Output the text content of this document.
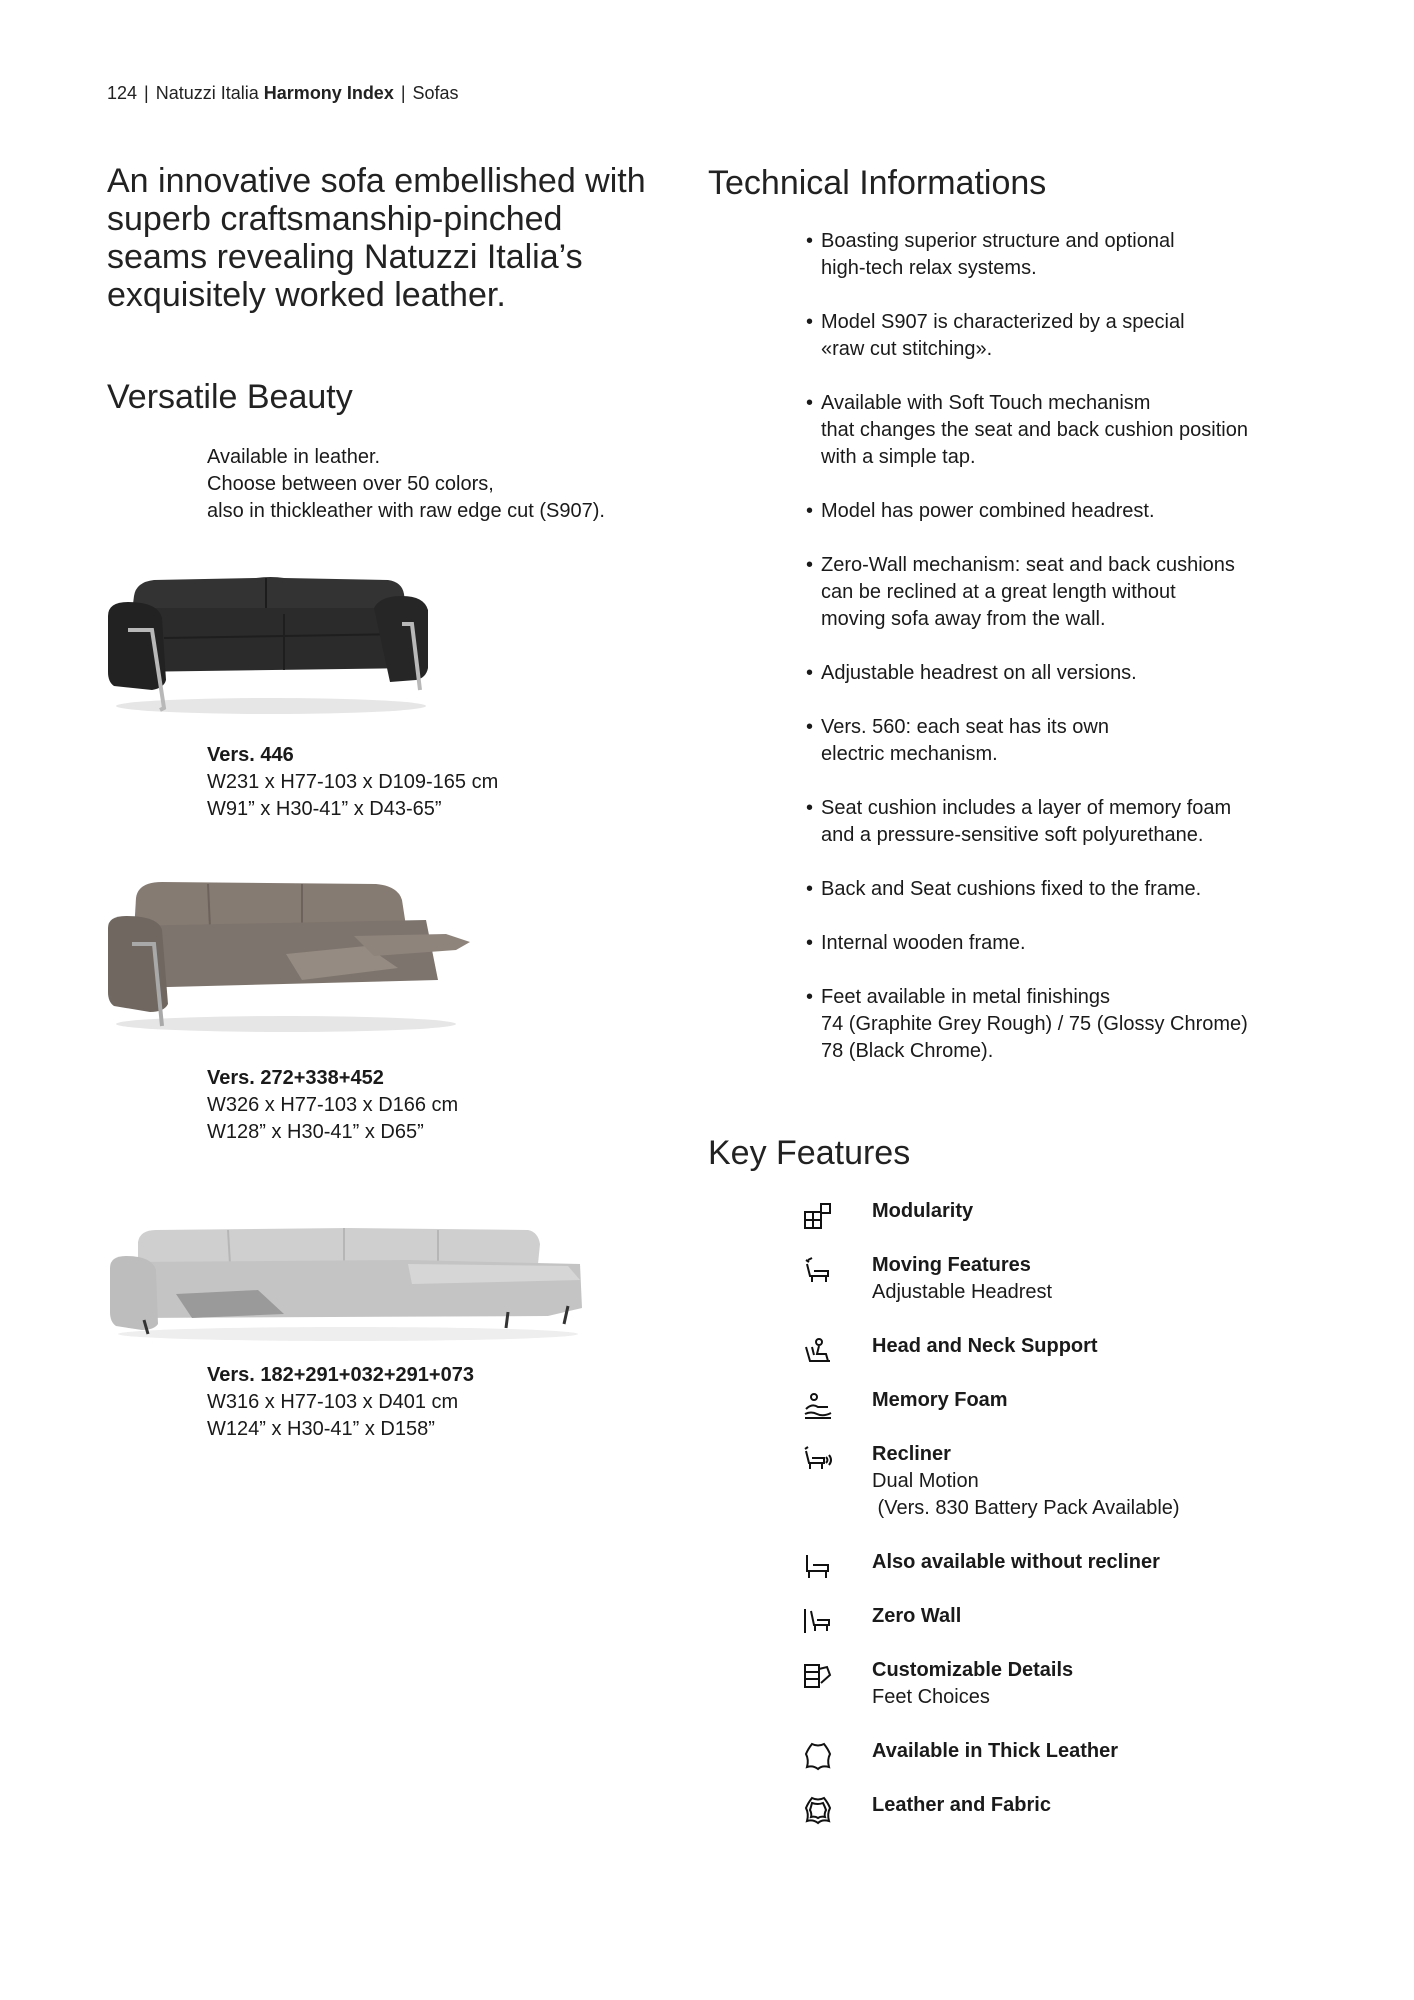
124 | Natuzzi Italia Harmony Index | Sofas
An innovative sofa embellished with superb craftsmanship-pinched seams revealing Natuzzi Italia’s exquisitely worked leather.
Versatile Beauty
Available in leather.
Choose between over 50 colors,
also in thickleather with raw edge cut (S907).
Vers. 446
W231 x H77-103 x D109-165 cm
W91” x H30-41” x D43-65”
Vers. 272+338+452
W326 x H77-103 x D166 cm
W128” x H30-41” x D65”
Vers. 182+291+032+291+073
W316 x H77-103 x D401 cm
W124” x H30-41” x D158”
Technical Informations
• Boasting superior structure and optional
high-tech relax systems.
• Model S907 is characterized by a special
«raw cut stitching».
• Available with Soft Touch mechanism
that changes the seat and back cushion position
with a simple tap.
• Model has power combined headrest.
• Zero-Wall mechanism: seat and back cushions
can be reclined at a great length without
moving sofa away from the wall.
• Adjustable headrest on all versions.
• Vers. 560: each seat has its own
electric mechanism.
• Seat cushion includes a layer of memory foam
and a pressure-sensitive soft polyurethane.
• Back and Seat cushions fixed to the frame.
• Internal wooden frame.
• Feet available in metal finishings
74 (Graphite Grey Rough) / 75 (Glossy Chrome)
78 (Black Chrome).
Key Features
Modularity
Moving Features
Adjustable Headrest
Head and Neck Support
Memory Foam
Recliner
Dual Motion
(Vers. 830 Battery Pack Available)
Also available without recliner
Zero Wall
Customizable Details
Feet Choices
Available in Thick Leather
Leather and Fabric
